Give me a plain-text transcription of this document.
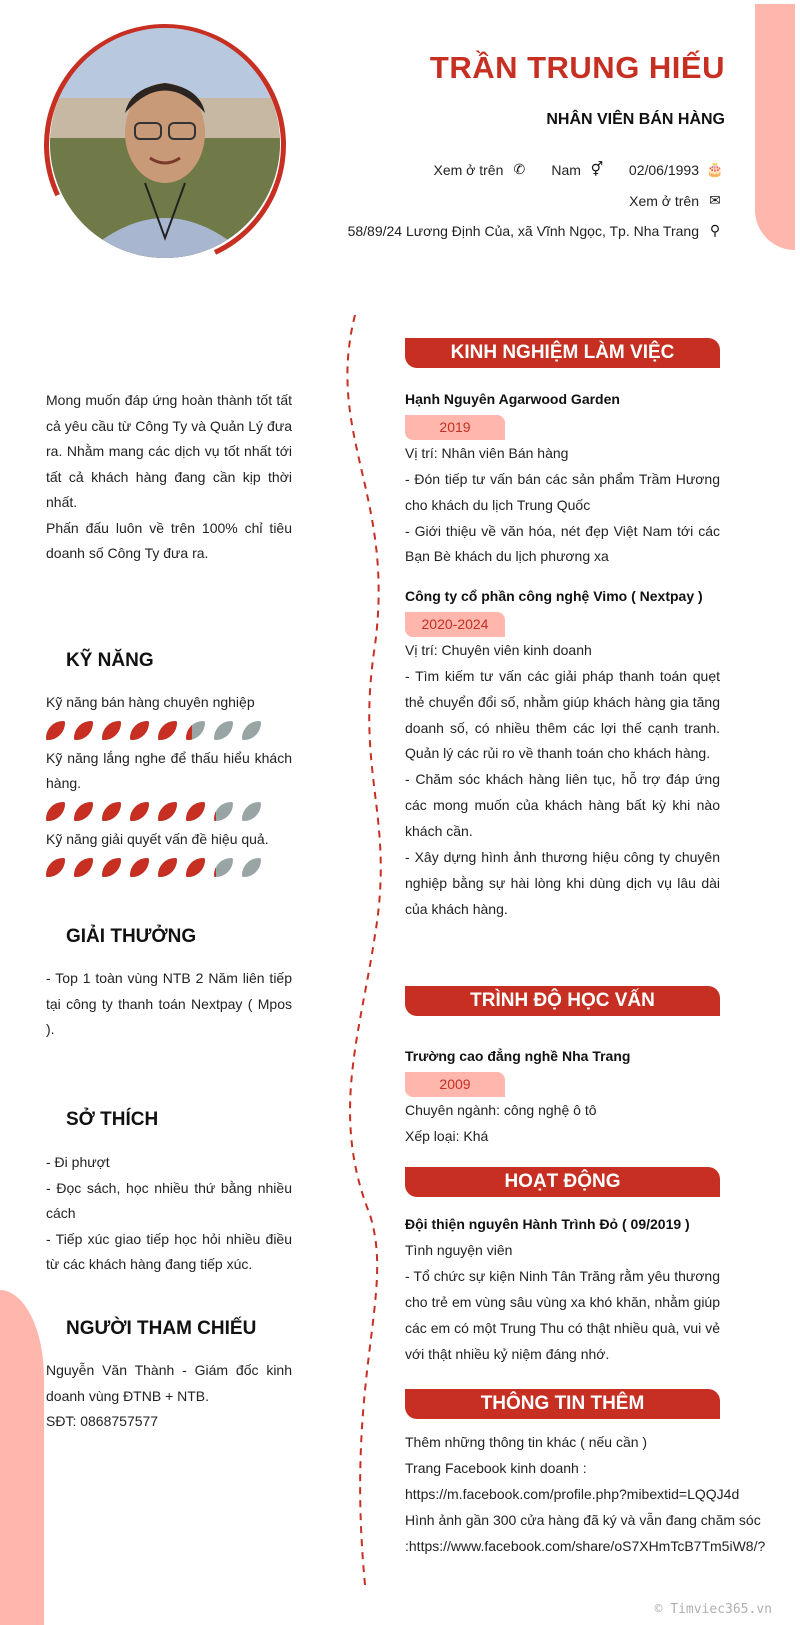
TRẦN TRUNG HIẾU
NHÂN VIÊN BÁN HÀNG
Xem ở trên ✆ Nam ⚥ 02/06/1993 🎂
Xem ở trên ✉
58/89/24 Lương Định Của, xã Vĩnh Ngọc, Tp. Nha Trang ⚲

Mong muốn đáp ứng hoàn thành tốt tất cả yêu cầu từ Công Ty và Quản Lý đưa ra. Nhằm mang các dịch vụ tốt nhất tới tất cả khách hàng đang cần kịp thời nhất.

Phấn đấu luôn về trên 100% chỉ tiêu doanh số Công Ty đưa ra.

KỸ NĂNG
Kỹ năng bán hàng chuyên nghiệp
Kỹ năng lắng nghe để thấu hiểu khách hàng.
Kỹ năng giải quyết vấn đề hiệu quả.
GIẢI THƯỞNG
- Top 1 toàn vùng NTB 2 Năm liên tiếp tại công ty thanh toán Nextpay ( Mpos ).
SỞ THÍCH

- Đi phượt

- Đọc sách, học nhiều thứ bằng nhiều cách

- Tiếp xúc giao tiếp học hỏi nhiều điều từ các khách hàng đang tiếp xúc.

NGƯỜI THAM CHIẾU

Nguyễn Văn Thành - Giám đốc kinh doanh vùng ĐTNB + NTB.

SĐT: 0868757577

KINH NGHIỆM LÀM VIỆC
Hạnh Nguyên Agarwood Garden
2019

Vị trí: Nhân viên Bán hàng

- Đón tiếp tư vấn bán các sản phẩm Trầm Hương cho khách du lịch Trung Quốc

- Giới thiệu về văn hóa, nét đẹp Việt Nam tới các Bạn Bè khách du lịch phương xa

Công ty cổ phần công nghệ Vimo ( Nextpay )
2020-2024

Vị trí: Chuyên viên kinh doanh

- Tìm kiếm tư vấn các giải pháp thanh toán quẹt thẻ chuyển đổi số, nhằm giúp khách hàng gia tăng doanh số, có nhiều thêm các lợi thế cạnh tranh. Quản lý các rủi ro về thanh toán cho khách hàng.

- Chăm sóc khách hàng liên tục, hỗ trợ đáp ứng các mong muốn của khách hàng bất kỳ khi nào khách cần.

- Xây dựng hình ảnh thương hiệu công ty chuyên nghiệp bằng sự hài lòng khi dùng dịch vụ lâu dài của khách hàng.

TRÌNH ĐỘ HỌC VẤN
Trường cao đẳng nghề Nha Trang
2009

Chuyên ngành: công nghệ ô tô

Xếp loại: Khá

HOẠT ĐỘNG
Đội thiện nguyên Hành Trình Đỏ ( 09/2019 )

Tình nguyện viên

- Tổ chức sự kiện Ninh Tân Trăng rằm yêu thương cho trẻ em vùng sâu vùng xa khó khăn, nhằm giúp các em có một Trung Thu có thật nhiều quà, vui vẻ với thật nhiều kỷ niệm đáng nhớ.

THÔNG TIN THÊM

Thêm những thông tin khác ( nếu cần )

Trang Facebook kinh doanh :

https://m.facebook.com/profile.php?mibextid=LQQJ4d

Hình ảnh gần 300 cửa hàng đã ký và vẫn đang chăm sóc

:https://www.facebook.com/share/oS7XHmTcB7Tm5iW8/?

© Timviec365.vn
